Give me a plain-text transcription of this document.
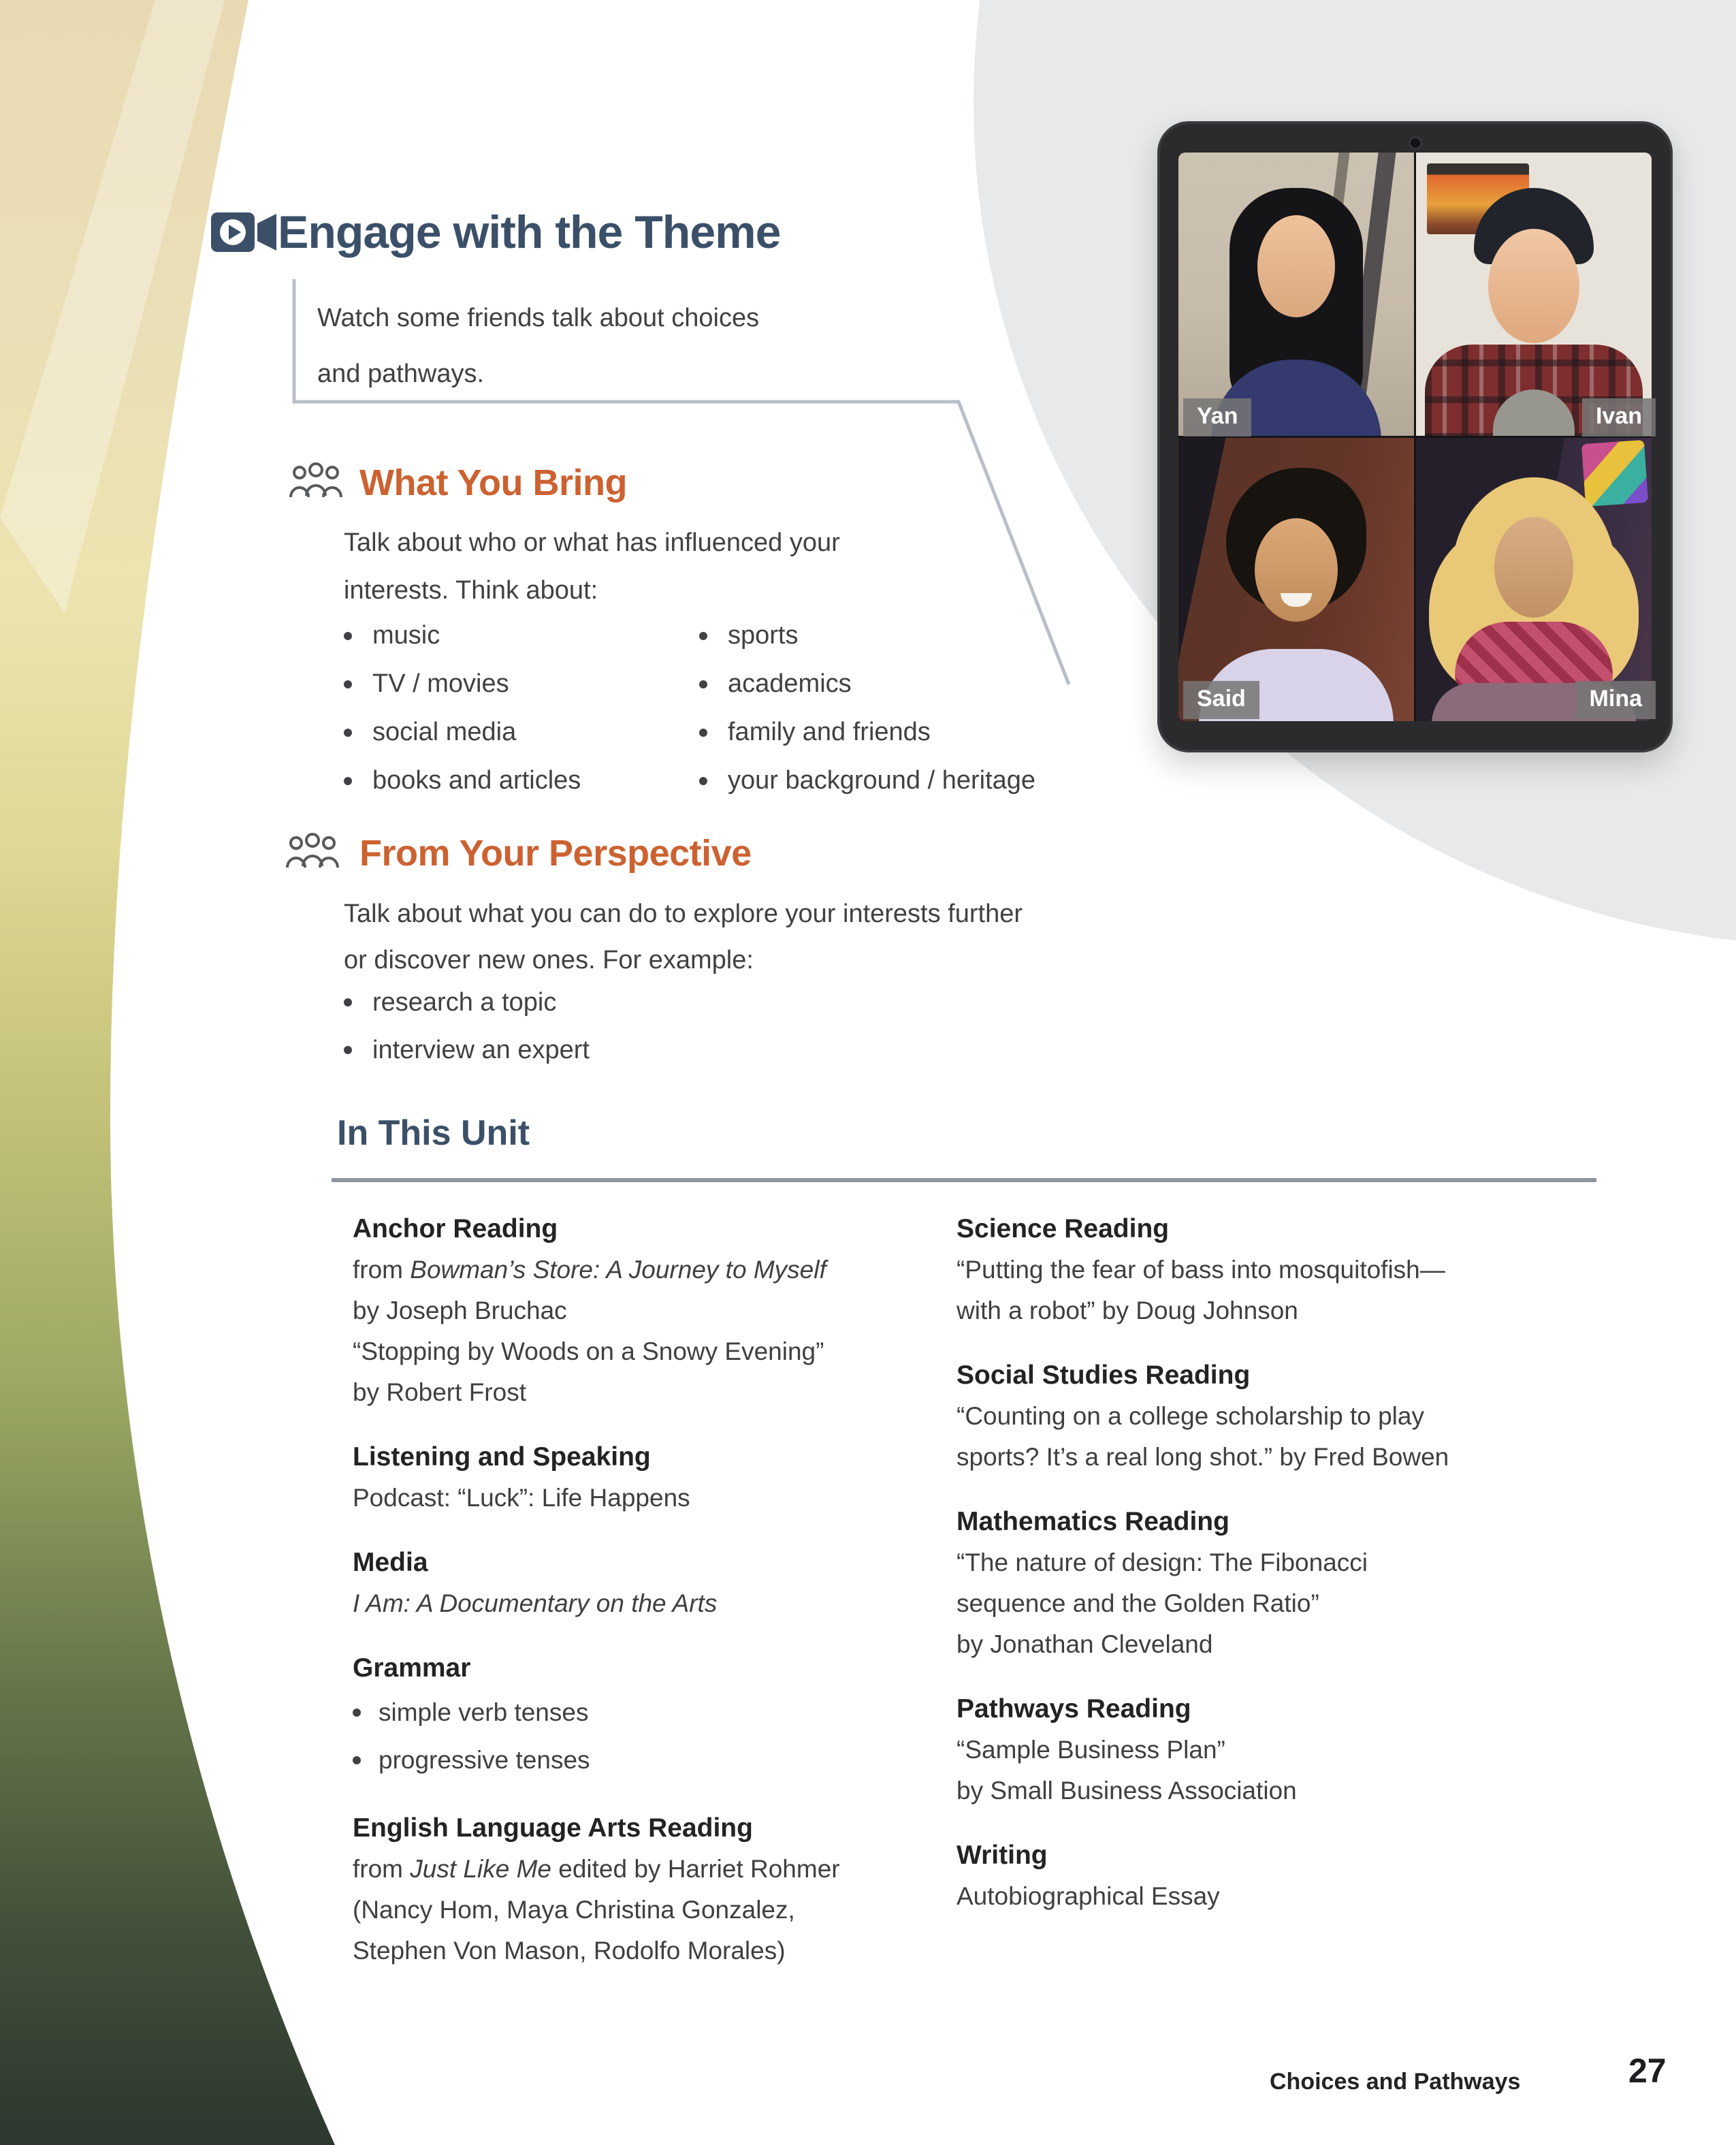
Engage with the Theme
Watch some friends talk about choices
and pathways.
What You Bring
Talk about who or what has influenced your
interests. Think about:
music
TV / movies
social media
books and articles
sports
academics
family and friends
your background / heritage
From Your Perspective
Talk about what you can do to explore your interests further
or discover new ones. For example:
research a topic
interview an expert
In This Unit
Anchor Reading
from Bowman’s Store: A Journey to Myself
by Joseph Bruchac
“Stopping by Woods on a Snowy Evening”
by Robert Frost
Listening and Speaking
Podcast: “Luck”: Life Happens
Media
I Am: A Documentary on the Arts
Grammar
simple verb tenses
progressive tenses
English Language Arts Reading
from Just Like Me edited by Harriet Rohmer
(Nancy Hom, Maya Christina Gonzalez,
Stephen Von Mason, Rodolfo Morales)
Science Reading
“Putting the fear of bass into mosquitofish—
with a robot” by Doug Johnson
Social Studies Reading
“Counting on a college scholarship to play
sports? It’s a real long shot.” by Fred Bowen
Mathematics Reading
“The nature of design: The Fibonacci
sequence and the Golden Ratio”
by Jonathan Cleveland
Pathways Reading
“Sample Business Plan”
by Small Business Association
Writing
Autobiographical Essay
Choices and Pathways	27
Yan	Ivan
Said	Mina
